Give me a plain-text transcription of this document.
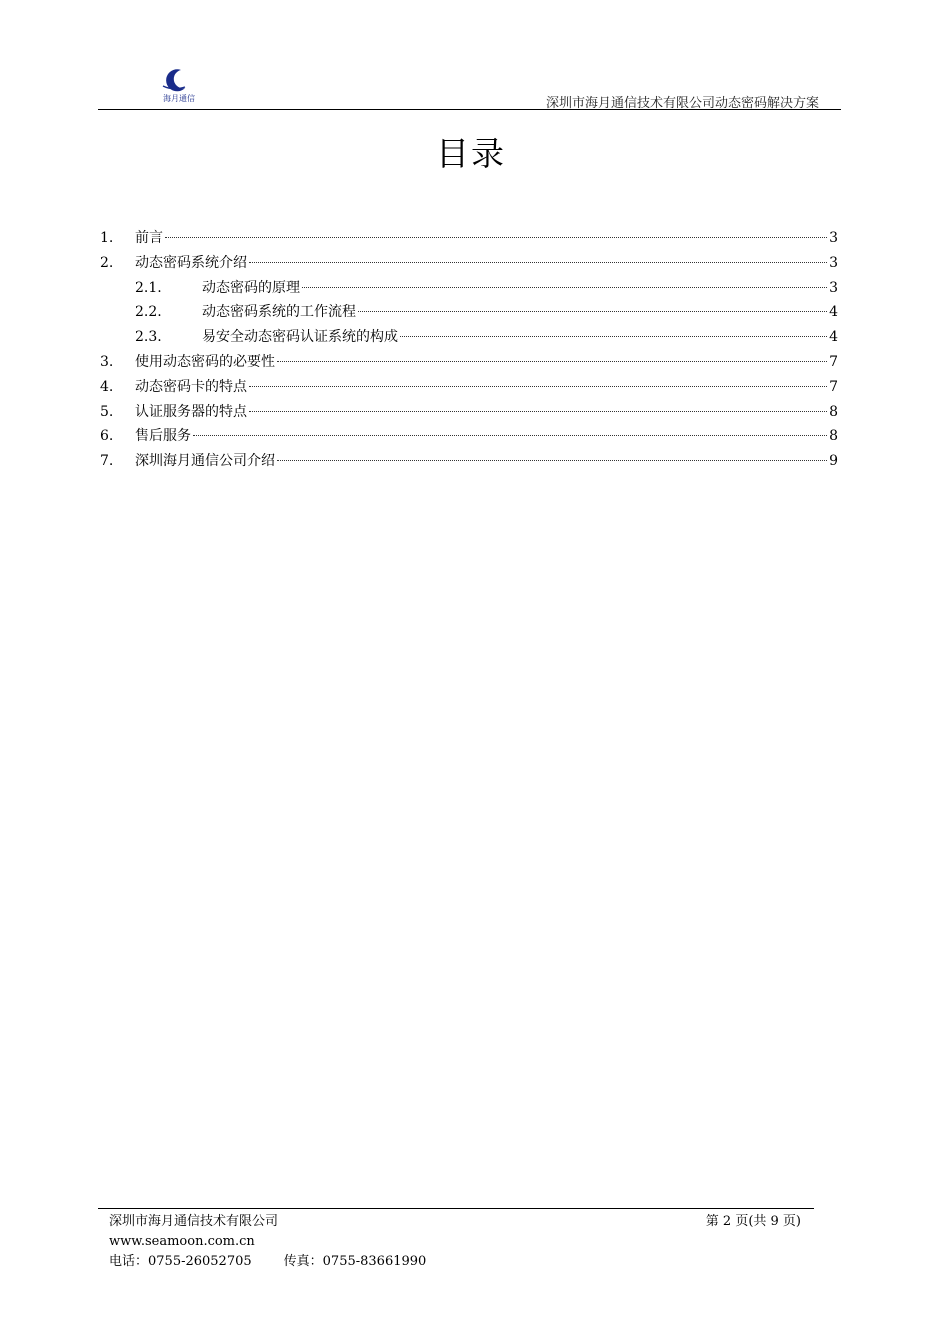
海月通信	深圳市海月通信技术有限公司动态密码解决方案
目录
1.	前言	3
2.	动态密码系统介绍	3
2.1.	动态密码的原理	3
2.2.	动态密码系统的工作流程	4
2.3.	易安全动态密码认证系统的构成	4
3.	使用动态密码的必要性	7
4.	动态密码卡的特点	7
5.	认证服务器的特点	8
6.	售后服务	8
7.	深圳海月通信公司介绍	9
深圳市海月通信技术有限公司
www.seamoon.com.cn
电话：0755-26052705 传真：0755-83661990
第 2 页(共 9 页)
